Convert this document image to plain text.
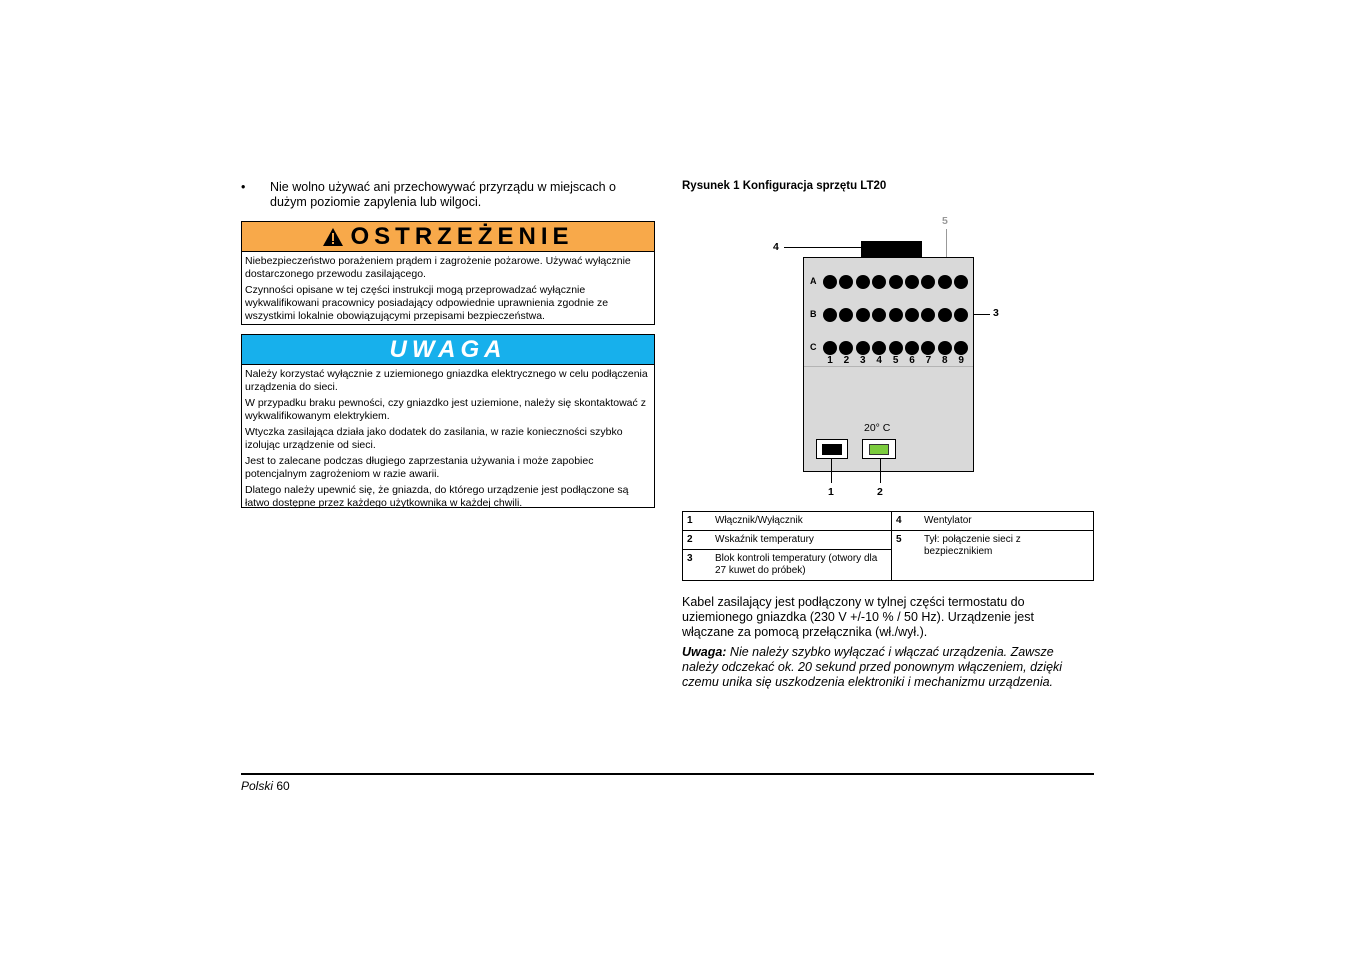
• Nie wolno używać ani przechowywać przyrządu w miejscach o dużym poziomie zapylenia lub wilgoci.
OSTRZEŻENIE

Niebezpieczeństwo porażeniem prądem i zagrożenie pożarowe. Używać wyłącznie dostarczonego przewodu zasilającego.

Czynności opisane w tej części instrukcji mogą przeprowadzać wyłącznie wykwalifikowani pracownicy posiadający odpowiednie uprawnienia zgodnie ze wszystkimi lokalnie obowiązującymi przepisami bezpieczeństwa.

UWAGA

Należy korzystać wyłącznie z uziemionego gniazdka elektrycznego w celu podłączenia urządzenia do sieci.

W przypadku braku pewności, czy gniazdko jest uziemione, należy się skontaktować z wykwalifikowanym elektrykiem.

Wtyczka zasilająca działa jako dodatek do zasilania, w razie konieczności szybko izolując urządzenie od sieci.

Jest to zalecane podczas długiego zaprzestania używania i może zapobiec potencjalnym zagrożeniom w razie awarii.

Dlatego należy upewnić się, że gniazda, do którego urządzenie jest podłączone są łatwo dostępne przez każdego użytkownika w każdej chwili.

Rysunek 1 Konfiguracja sprzętu LT20
A
B
C
1	2	3	4	5	6	7	8	9
20° C
4
5
3
1	2
1	Włącznik/Wyłącznik	4	Wentylator
2	Wskaźnik temperatury	5	Tył: połączenie sieci z bezpiecznikiem
3	Blok kontroli temperatury (otwory dla 27 kuwet do próbek)		
Kabel zasilający jest podłączony w tylnej części termostatu do uziemionego gniazdka (230 V +/-10 % / 50 Hz). Urządzenie jest włączane za pomocą przełącznika (wł./wył.).
Uwaga: Nie należy szybko wyłączać i włączać urządzenia. Zawsze należy odczekać ok. 20 sekund przed ponownym włączeniem, dzięki czemu unika się uszkodzenia elektroniki i mechanizmu urządzenia.
Polski 60
